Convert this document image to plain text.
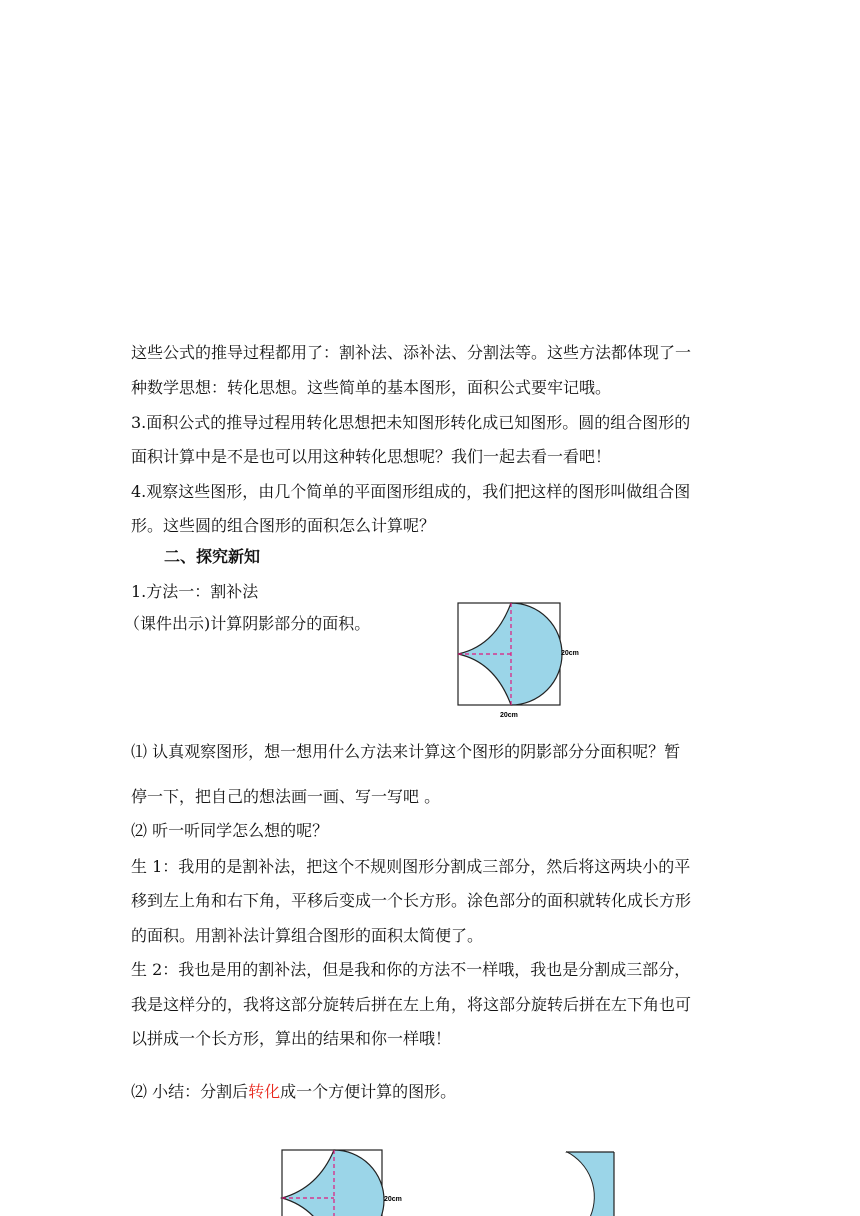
这些公式的推导过程都用了：割补法、添补法、分割法等。这些方法都体现了一
种数学思想：转化思想。这些简单的基本图形，面积公式要牢记哦。
3.面积公式的推导过程用转化思想把未知图形转化成已知图形。圆的组合图形的
面积计算中是不是也可以用这种转化思想呢？我们一起去看一看吧！
4.观察这些图形，由几个简单的平面图形组成的，我们把这样的图形叫做组合图
形。这些圆的组合图形的面积怎么计算呢？
二、探究新知
1.方法一：割补法
（课件出示)计算阴影部分的面积。
20cm
20cm
⑴ 认真观察图形，想一想用什么方法来计算这个图形的阴影部分分面积呢？暂
停一下，把自己的想法画一画、写一写吧 。
⑵ 听一听同学怎么想的呢？
生 1：我用的是割补法，把这个不规则图形分割成三部分，然后将这两块小的平
移到左上角和右下角，平移后变成一个长方形。涂色部分的面积就转化成长方形
的面积。用割补法计算组合图形的面积太简便了。
生 2：我也是用的割补法，但是我和你的方法不一样哦，我也是分割成三部分，
我是这样分的，我将这部分旋转后拼在左上角，将这部分旋转后拼在左下角也可
以拼成一个长方形，算出的结果和你一样哦！
⑵ 小结：分割后转化成一个方便计算的图形。
20cm
